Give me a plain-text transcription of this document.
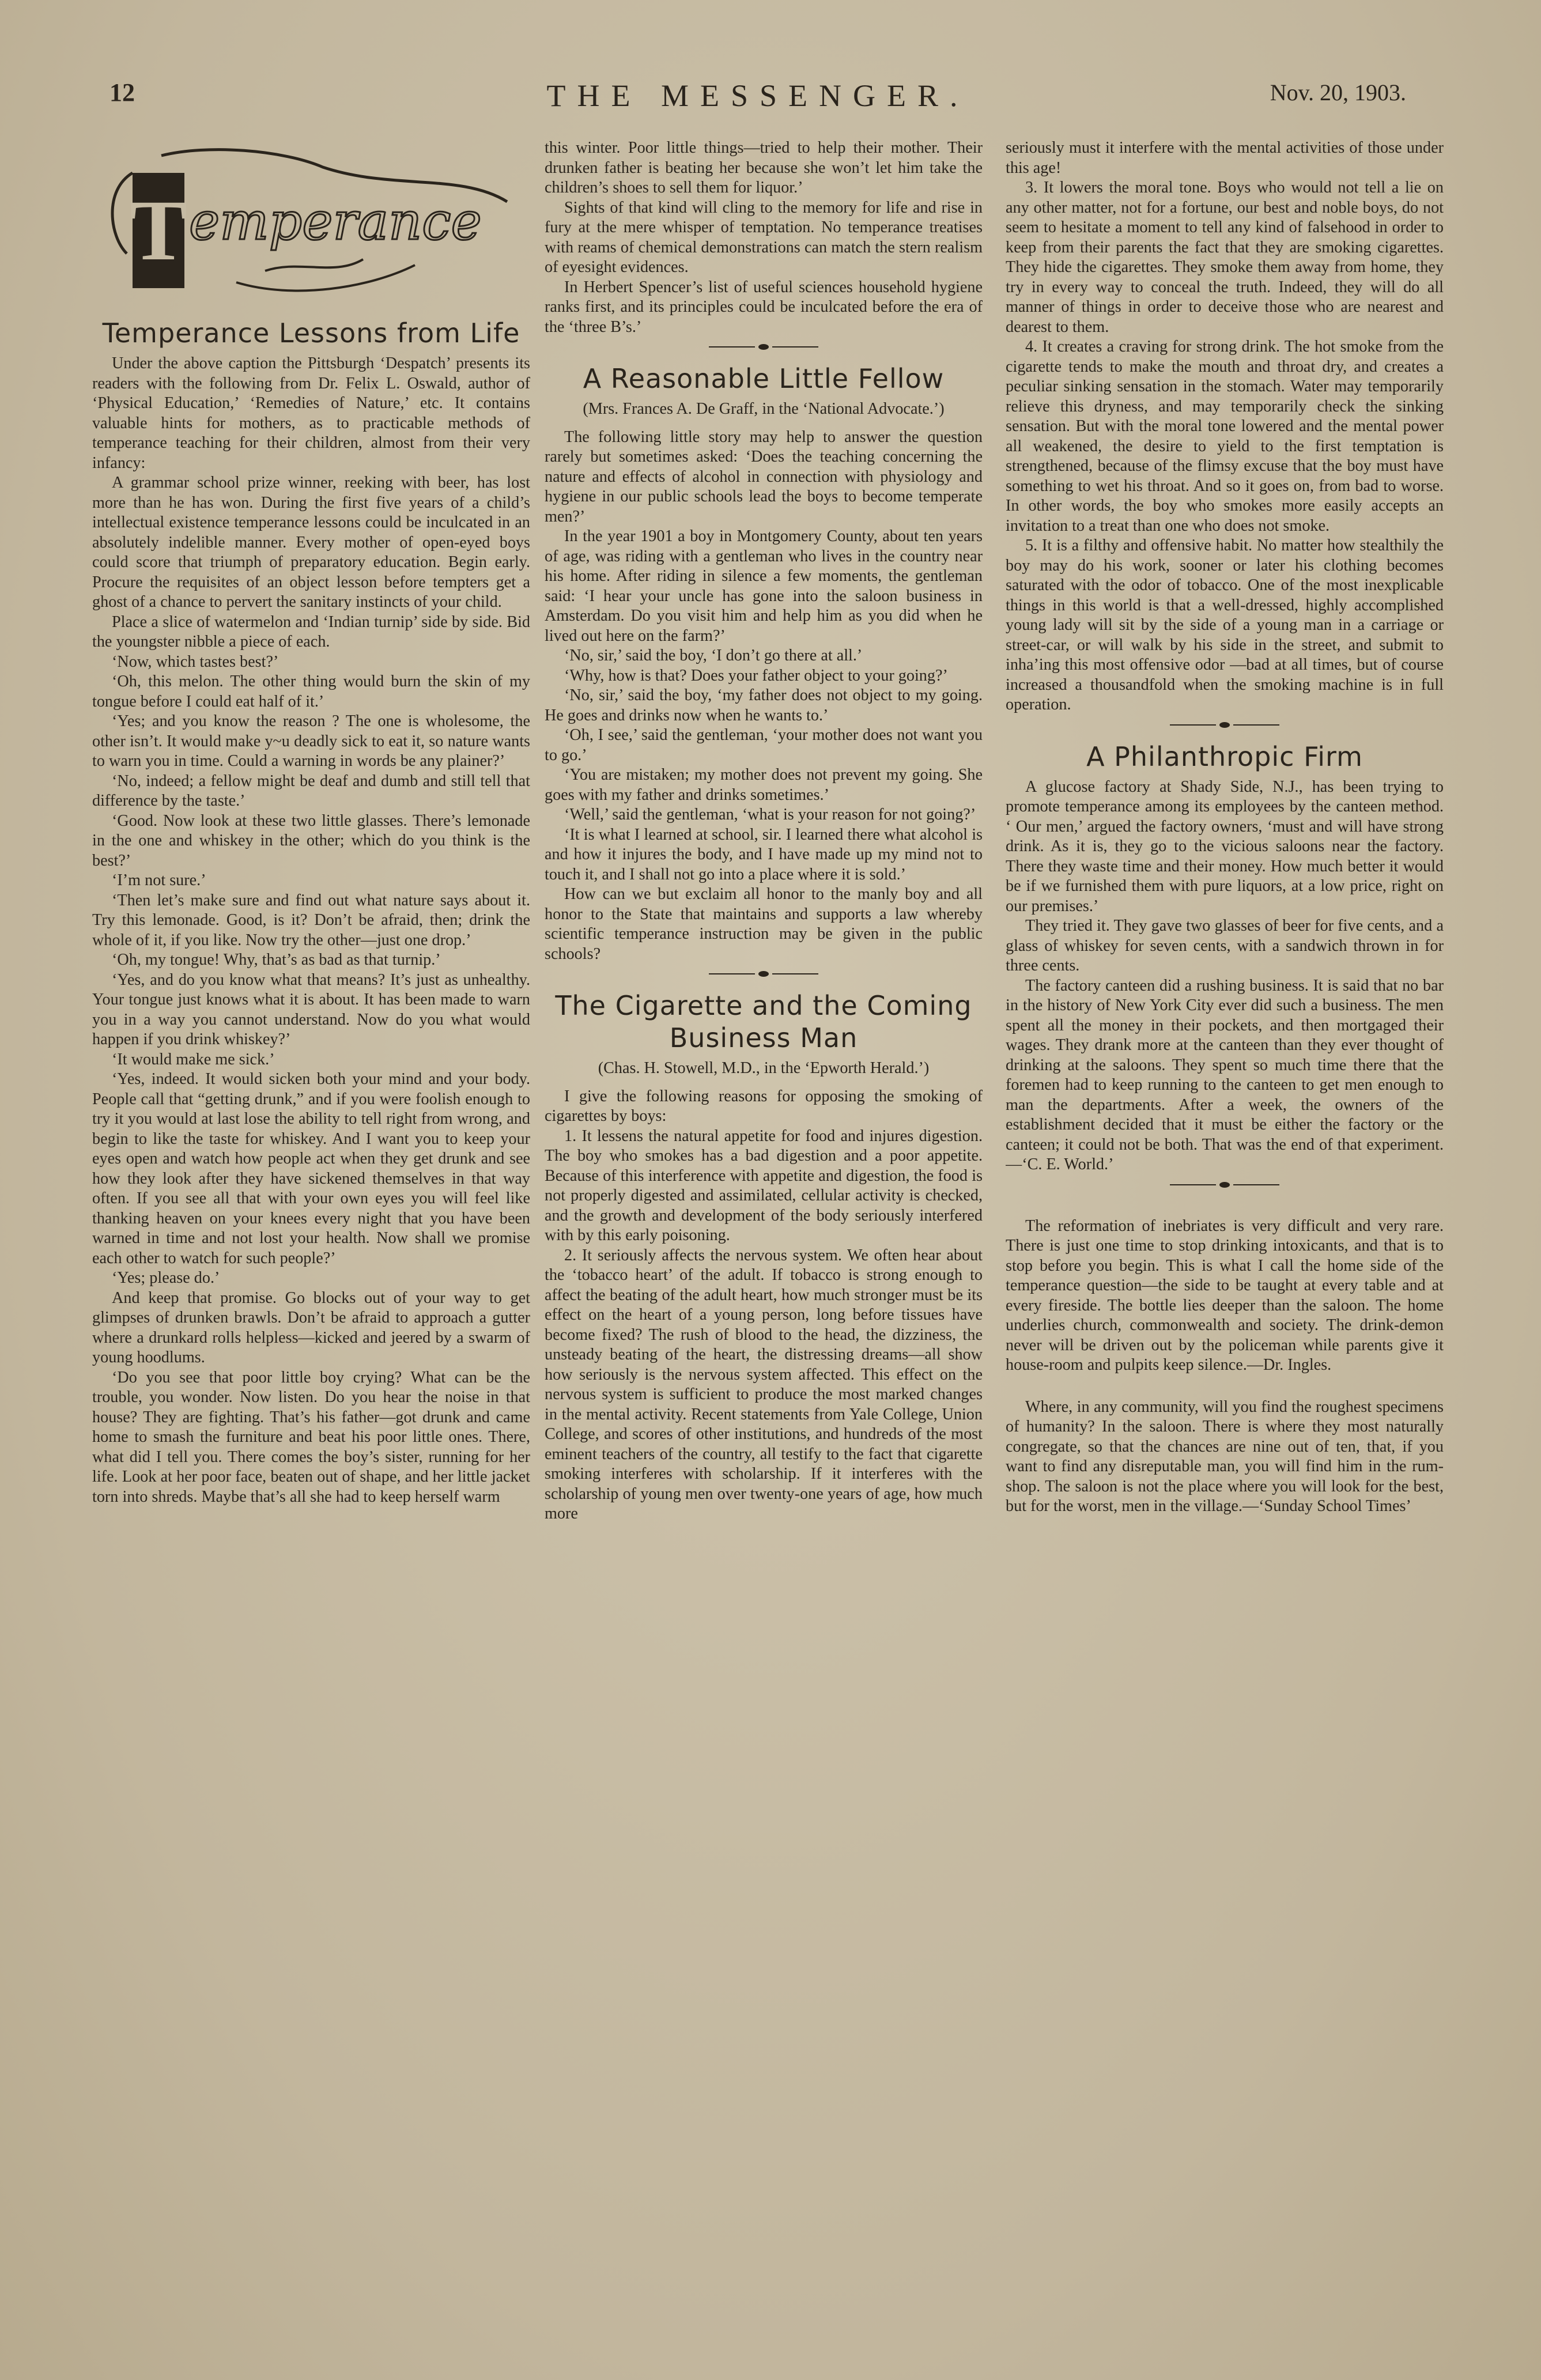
12	THE MESSENGER.	Nov. 20, 1903.
T emperance
Temperance Lessons from Life

Under the above caption the Pittsburgh ‘Despatch’ presents its readers with the following from Dr. Felix L. Oswald, author of ‘Physical Education,’ ‘Remedies of Nature,’ etc. It contains valuable hints for mothers, as to practicable methods of temperance teaching for their children, almost from their very infancy:

A grammar school prize winner, reeking with beer, has lost more than he has won. During the first five years of a child’s intellectual existence temperance lessons could be inculcated in an absolutely indelible manner. Every mother of open-eyed boys could score that triumph of preparatory education. Begin early. Procure the requisites of an object lesson before tempters get a ghost of a chance to pervert the sanitary instincts of your child.

Place a slice of watermelon and ‘Indian turnip’ side by side. Bid the youngster nibble a piece of each.

‘Now, which tastes best?’

‘Oh, this melon. The other thing would burn the skin of my tongue before I could eat half of it.’

‘Yes; and you know the reason ? The one is wholesome, the other isn’t. It would make y~u deadly sick to eat it, so nature wants to warn you in time. Could a warning in words be any plainer?’

‘No, indeed; a fellow might be deaf and dumb and still tell that difference by the taste.’

‘Good. Now look at these two little glasses. There’s lemonade in the one and whiskey in the other; which do you think is the best?’

‘I’m not sure.’

‘Then let’s make sure and find out what nature says about it. Try this lemonade. Good, is it? Don’t be afraid, then; drink the whole of it, if you like. Now try the other—just one drop.’

‘Oh, my tongue! Why, that’s as bad as that turnip.’

‘Yes, and do you know what that means? It’s just as unhealthy. Your tongue just knows what it is about. It has been made to warn you in a way you cannot understand. Now do you what would happen if you drink whiskey?’

‘It would make me sick.’

‘Yes, indeed. It would sicken both your mind and your body. People call that “getting drunk,” and if you were foolish enough to try it you would at last lose the ability to tell right from wrong, and begin to like the taste for whiskey. And I want you to keep your eyes open and watch how people act when they get drunk and see how they look after they have sickened themselves in that way often. If you see all that with your own eyes you will feel like thanking heaven on your knees every night that you have been warned in time and not lost your health. Now shall we promise each other to watch for such people?’

‘Yes; please do.’

And keep that promise. Go blocks out of your way to get glimpses of drunken brawls. Don’t be afraid to approach a gutter where a drunkard rolls helpless—kicked and jeered by a swarm of young hoodlums.

‘Do you see that poor little boy crying? What can be the trouble, you wonder. Now listen. Do you hear the noise in that house? They are fighting. That’s his father—got drunk and came home to smash the furniture and beat his poor little ones. There, what did I tell you. There comes the boy’s sister, running for her life. Look at her poor face, beaten out of shape, and her little jacket torn into shreds. Maybe that’s all she had to keep herself warm

this winter. Poor little things—tried to help their mother. Their drunken father is beating her because she won’t let him take the children’s shoes to sell them for liquor.’

Sights of that kind will cling to the memory for life and rise in fury at the mere whisper of temptation. No temperance treatises with reams of chemical demonstrations can match the stern realism of eyesight evidences.

In Herbert Spencer’s list of useful sciences household hygiene ranks first, and its principles could be inculcated before the era of the ‘three B’s.’

A Reasonable Little Fellow

(Mrs. Frances A. De Graff, in the ‘National Advocate.’)

The following little story may help to answer the question rarely but sometimes asked: ‘Does the teaching concerning the nature and effects of alcohol in connection with physiology and hygiene in our public schools lead the boys to become temperate men?’

In the year 1901 a boy in Montgomery County, about ten years of age, was riding with a gentleman who lives in the country near his home. After riding in silence a few moments, the gentleman said: ‘I hear your uncle has gone into the saloon business in Amsterdam. Do you visit him and help him as you did when he lived out here on the farm?’

‘No, sir,’ said the boy, ‘I don’t go there at all.’

‘Why, how is that? Does your father object to your going?’

‘No, sir,’ said the boy, ‘my father does not object to my going. He goes and drinks now when he wants to.’

‘Oh, I see,’ said the gentleman, ‘your mother does not want you to go.’

‘You are mistaken; my mother does not prevent my going. She goes with my father and drinks sometimes.’

‘Well,’ said the gentleman, ‘what is your reason for not going?’

‘It is what I learned at school, sir. I learned there what alcohol is and how it injures the body, and I have made up my mind not to touch it, and I shall not go into a place where it is sold.’

How can we but exclaim all honor to the manly boy and all honor to the State that maintains and supports a law whereby scientific temperance instruction may be given in the public schools?

The Cigarette and the Coming Business Man

(Chas. H. Stowell, M.D., in the ‘Epworth Herald.’)

I give the following reasons for opposing the smoking of cigarettes by boys:

1. It lessens the natural appetite for food and injures digestion. The boy who smokes has a bad digestion and a poor appetite. Because of this interference with appetite and digestion, the food is not properly digested and assimilated, cellular activity is checked, and the growth and development of the body seriously interfered with by this early poisoning.

2. It seriously affects the nervous system. We often hear about the ‘tobacco heart’ of the adult. If tobacco is strong enough to affect the beating of the adult heart, how much stronger must be its effect on the heart of a young person, long before tissues have become fixed? The rush of blood to the head, the dizziness, the unsteady beating of the heart, the distressing dreams—all show how seriously is the nervous system affected. This effect on the nervous system is sufficient to produce the most marked changes in the mental activity. Recent statements from Yale College, Union College, and scores of other institutions, and hundreds of the most eminent teachers of the country, all testify to the fact that cigarette smoking interferes with scholarship. If it interferes with the scholarship of young men over twenty-one years of age, how much more

seriously must it interfere with the mental activities of those under this age!

3. It lowers the moral tone. Boys who would not tell a lie on any other matter, not for a fortune, our best and noble boys, do not seem to hesitate a moment to tell any kind of falsehood in order to keep from their parents the fact that they are smoking cigarettes. They hide the cigarettes. They smoke them away from home, they try in every way to conceal the truth. Indeed, they will do all manner of things in order to deceive those who are nearest and dearest to them.

4. It creates a craving for strong drink. The hot smoke from the cigarette tends to make the mouth and throat dry, and creates a peculiar sinking sensation in the stomach. Water may temporarily relieve this dryness, and may temporarily check the sinking sensation. But with the moral tone lowered and the mental power all weakened, the desire to yield to the first temptation is strengthened, because of the flimsy excuse that the boy must have something to wet his throat. And so it goes on, from bad to worse. In other words, the boy who smokes more easily accepts an invitation to a treat than one who does not smoke.

5. It is a filthy and offensive habit. No matter how stealthily the boy may do his work, sooner or later his clothing becomes saturated with the odor of tobacco. One of the most inexplicable things in this world is that a well-dressed, highly accomplished young lady will sit by the side of a young man in a carriage or street-car, or will walk by his side in the street, and submit to inha’ing this most offensive odor —bad at all times, but of course increased a thousandfold when the smoking machine is in full operation.

A Philanthropic Firm

A glucose factory at Shady Side, N.J., has been trying to promote temperance among its employees by the canteen method. ‘ Our men,’ argued the factory owners, ‘must and will have strong drink. As it is, they go to the vicious saloons near the factory. There they waste time and their money. How much better it would be if we furnished them with pure liquors, at a low price, right on our premises.’

They tried it. They gave two glasses of beer for five cents, and a glass of whiskey for seven cents, with a sandwich thrown in for three cents.

The factory canteen did a rushing business. It is said that no bar in the history of New York City ever did such a business. The men spent all the money in their pockets, and then mortgaged their wages. They drank more at the canteen than they ever thought of drinking at the saloons. They spent so much time there that the foremen had to keep running to the canteen to get men enough to man the departments. After a week, the owners of the establishment decided that it must be either the factory or the canteen; it could not be both. That was the end of that experiment.—‘C. E. World.’

The reformation of inebriates is very difficult and very rare. There is just one time to stop drinking intoxicants, and that is to stop before you begin. This is what I call the home side of the temperance question—the side to be taught at every table and at every fireside. The bottle lies deeper than the saloon. The home underlies church, commonwealth and society. The drink-demon never will be driven out by the policeman while parents give it house-room and pulpits keep silence.—Dr. Ingles.

Where, in any community, will you find the roughest specimens of humanity? In the saloon. There is where they most naturally congregate, so that the chances are nine out of ten, that, if you want to find any disreputable man, you will find him in the rum-shop. The saloon is not the place where you will look for the best, but for the worst, men in the village.—‘Sunday School Times’
